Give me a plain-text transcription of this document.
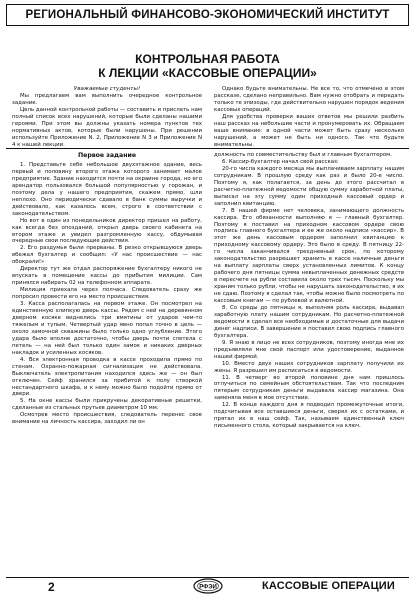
РЕГИОНАЛЬНЫЙ ФИНАНСОВО-ЭКОНОМИЧЕСКИЙ ИНСТИТУТ
КОНТРОЛЬНАЯ РАБОТА
К ЛЕКЦИИ «КАССОВЫЕ ОПЕРАЦИИ»

Уважаемые студенты!

Мы предлагаем вам выполнить очередное контрольное задание.

Цель данной контрольной работы — составить и прислать нам полный список всех нарушений, которые были сделаны нашими героями. При этом вы должны указать номера пунктов тех нормативных актов, которые были нарушены. При решении используйте Приложение N. 2, Приложение N 3 и Приложение N 4 к нашей лекции.

Однако будьте внимательны. Не все то, что отмечено в этом рассказе, сделано неправильно. Вам нужно отобрать и передать только те эпизоды, где действительно нарушен порядок ведения кассовых операций.

Для удобства проверки ваших ответов мы решили разбить наш рассказ на небольшие части и пронумеровать их. Обращаем ваше внимание: в одной части может быть сразу несколько нарушений, а может не быть ни одного. Так что будьте внимательны.

Первое задание

1. Представьте себе небольшое двухэтажное здание, весь первый и половину второго этажа которого занимает малое предприятие. Здание находится почти на окраине города, но его арендатор пользовался большой популярностью у горожан, и поэтому дела у нашего предприятия, скажем прямо, шли неплохо. Оно периодически сдавало в банк суммы выручки и действовало, как казалось всем, строго в соответствии с законодательством.

Но вот в один из понедельников директор пришел на работу, как всегда без опозданий, открыл дверь своего кабинета на втором этаже и увидел разгромленную кассу, обдумывая очередные свои последующие действия.

2. Его раздумья были прерваны. В резко открывшуюся дверь вбежал бухгалтер и сообщил: «У нас происшествие — нас обокрали!»

Директор тут же отдал распоряжение бухгалтеру никого не впускать в помещение кассы до прибытия милиции. Сам принялся набирать 02 на телефонном аппарате.

Милиция приехала через полчаса. Следователь сразу же попросил провести его на место происшествия.

3. Касса располагалась на первом этаже. Он посмотрел на единственную хлипкую дверь кассы. Рядом с ней на деревянном дверном косяке виднелись три вмятины от ударов чем-то тяжелым и тупым. Четвертый удар явно попал точно в цель — около замочной скважины было только одно углубление. Этого удара было вполне достаточно, чтобы дверь почти слетела с петель — на ней был только один замок и никаких дверных накладок и усиленных косяков.

4. Вся электронная проводка в кассе проходила прямо по стенам. Охранно-пожарная сигнализация не действовала. Выключатель электропитания находился здесь же — он был отключен. Сейф хранился за прибитой к полу створкой нестандартного шкафа, и к нему можно было подойти прямо от двери.

5. На окне кассы были прикручены декоративные решетки, сделанные из стальных прутьев диаметром 10 мм.

Осмотрев место происшествия, следователь перенес свое внимание на личность кассира, заходил ли он

должность по совместительству был и главным бухгалтером.

6. Кассир-бухгалтер начал свой рассказ:

20-го числа каждого месяца мы выплачиваем зарплату нашим сотрудникам. В прошлую среду как раз и было 20-е число. Поэтому я, как полагается, за день до этого рассчитал в расчетно-платежной ведомости общую сумму заработной платы, выписал на эту сумму один приходный кассовый ордер и заполнил квитанцию.

7. В нашей фирме нет человека, занимающего должность кассира. Его обязанности выполняю я — главный бухгалтер. Поэтому я поставил на приходном кассовом ордере свою подпись главного бухгалтера и ее же около надписи «кассир». В этот же день кассовым ордером заполнил квитанцию к приходному кассовому ордеру. Это было в среду. В пятницу 22-го числа заканчивался трехдневный срок, по которому законодательство разрешает хранить в кассе наличные деньги на выплату зарплаты сверх установленных лимитов. К концу рабочего дня пятницы сумма невыплаченных денежных средств в пересчете на рубли составила около трех тысяч. Поскольку мы храним только рубли, чтобы не нарушать законодательство, я их не сдаю. Поэтому я сделал так, чтобы можно было посмотреть по кассовым книгам — по рублевой и валютной.

8. Со среды до пятницы я, выполняя роль кассира, выдавал заработную плату нашим сотрудникам. Но расчетно-платежной ведомости я сделал все необходимые и достаточные для выдачи денег надписи. В завершение я поставил свою подпись главного бухгалтера.

9. Я знаю в лицо не всех сотрудников, поэтому иногда мне их предъявляли мне свой паспорт или удостоверение, выданное нашей фирмой.

10. Вместо двух наших сотрудников зарплату получили их жены. Я разрешил им расписаться в ведомости.

11. В четверг во второй половине дня нам пришлось отлучиться по семейным обстоятельствам. Так что последним пятерым сотрудникам деньги выдавала кассир магазина. Она заменяла меня в мое отсутствие.

12. В конце каждого дня я подводил промежуточные итоги, подсчитывая все оставшиеся деньги, сверял их с остатками, и прятал их в наш сейф. Так, называем единственный ключ письменного стола, который закрывается на ключ.

2	РФЭИ	КАССОВЫЕ ОПЕРАЦИИ
